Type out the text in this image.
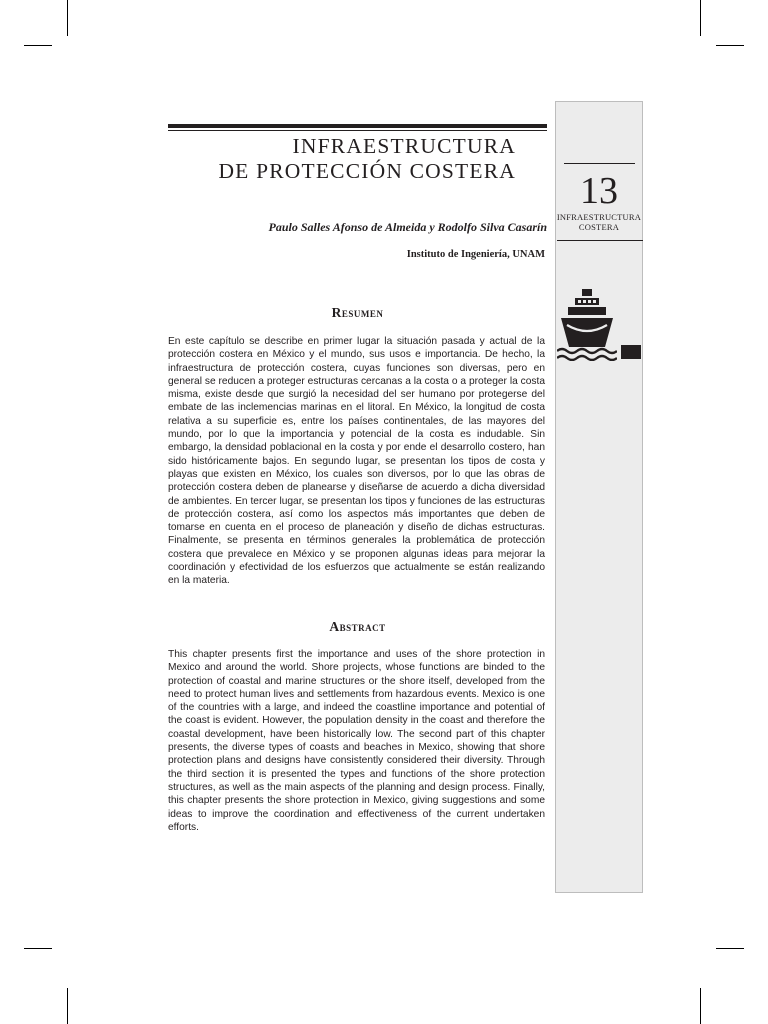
13
INFRAESTRUCTURA
COSTERA
INFRAESTRUCTURA
DE PROTECCIÓN COSTERA
Paulo Salles Afonso de Almeida y Rodolfo Silva Casarín
Instituto de Ingeniería, UNAM
Resumen

En este capítulo se describe en primer lugar la situación pasada y actual de la protección costera en México y el mundo, sus usos e importancia. De hecho, la infraestructura de protección costera, cuyas funciones son diversas, pero en general se reducen a proteger estructuras cercanas a la costa o a proteger la costa misma, existe desde que surgió la necesidad del ser humano por protegerse del embate de las inclemencias marinas en el litoral. En México, la longitud de costa relativa a su superficie es, entre los países continentales, de las mayores del mundo, por lo que la importancia y potencial de la costa es indudable. Sin embargo, la densidad poblacional en la costa y por ende el desarrollo costero, han sido históricamente bajos. En segundo lugar, se presentan los tipos de costa y playas que existen en México, los cuales son diversos, por lo que las obras de protección costera deben de planearse y diseñarse de acuerdo a dicha diversidad de ambientes. En tercer lugar, se presentan los tipos y funciones de las estructuras de protección costera, así como los aspectos más importantes que deben de tomarse en cuenta en el proceso de planeación y diseño de dichas estructuras. Finalmente, se presenta en términos generales la problemática de protección costera que prevalece en México y se proponen algunas ideas para mejorar la coordinación y efectividad de los esfuerzos que actualmente se están realizando en la materia.

Abstract

This chapter presents first the importance and uses of the shore protection in Mexico and around the world. Shore projects, whose functions are binded to the protection of coastal and marine structures or the shore itself, developed from the need to protect human lives and settlements from hazardous events. Mexico is one of the countries with a large, and indeed the coastline importance and potential of the coast is evident. However, the population density in the coast and therefore the coastal development, have been historically low. The second part of this chapter presents, the diverse types of coasts and beaches in Mexico, showing that shore protection plans and designs have consistently considered their diversity. Through the third section it is presented the types and functions of the shore protection structures, as well as the main aspects of the planning and design process. Finally, this chapter presents the shore protection in Mexico, giving suggestions and some ideas to improve the coordination and effectiveness of the current undertaken efforts.
